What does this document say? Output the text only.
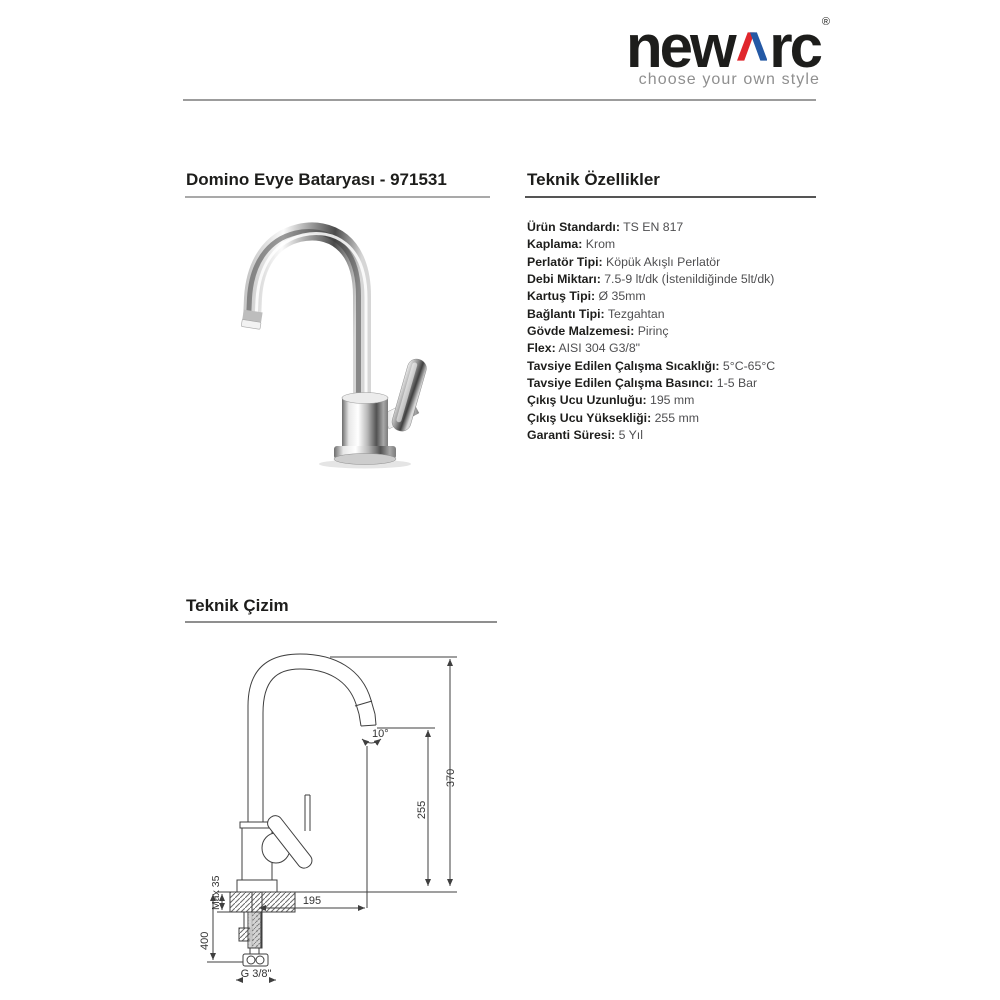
new rc ®
choose your own style
Domino Evye Bataryası - 971531	Teknik Özellikler
Ürün Standardı: TS EN 817
Kaplama: Krom
Perlatör Tipi: Köpük Akışlı Perlatör
Debi Miktarı: 7.5-9 lt/dk (İstenildiğinde 5lt/dk)
Kartuş Tipi: Ø 35mm
Bağlantı Tipi: Tezgahtan
Gövde Malzemesi: Pirinç
Flex: AISI 304 G3/8"
Tavsiye Edilen Çalışma Sıcaklığı: 5°C-65°C
Tavsiye Edilen Çalışma Basıncı: 1-5 Bar
Çıkış Ucu Uzunluğu: 195 mm
Çıkış Ucu Yüksekliği: 255 mm
Garanti Süresi: 5 Yıl
Teknik Çizim
10°
370
255
195
Max 35
400
G 3/8"
